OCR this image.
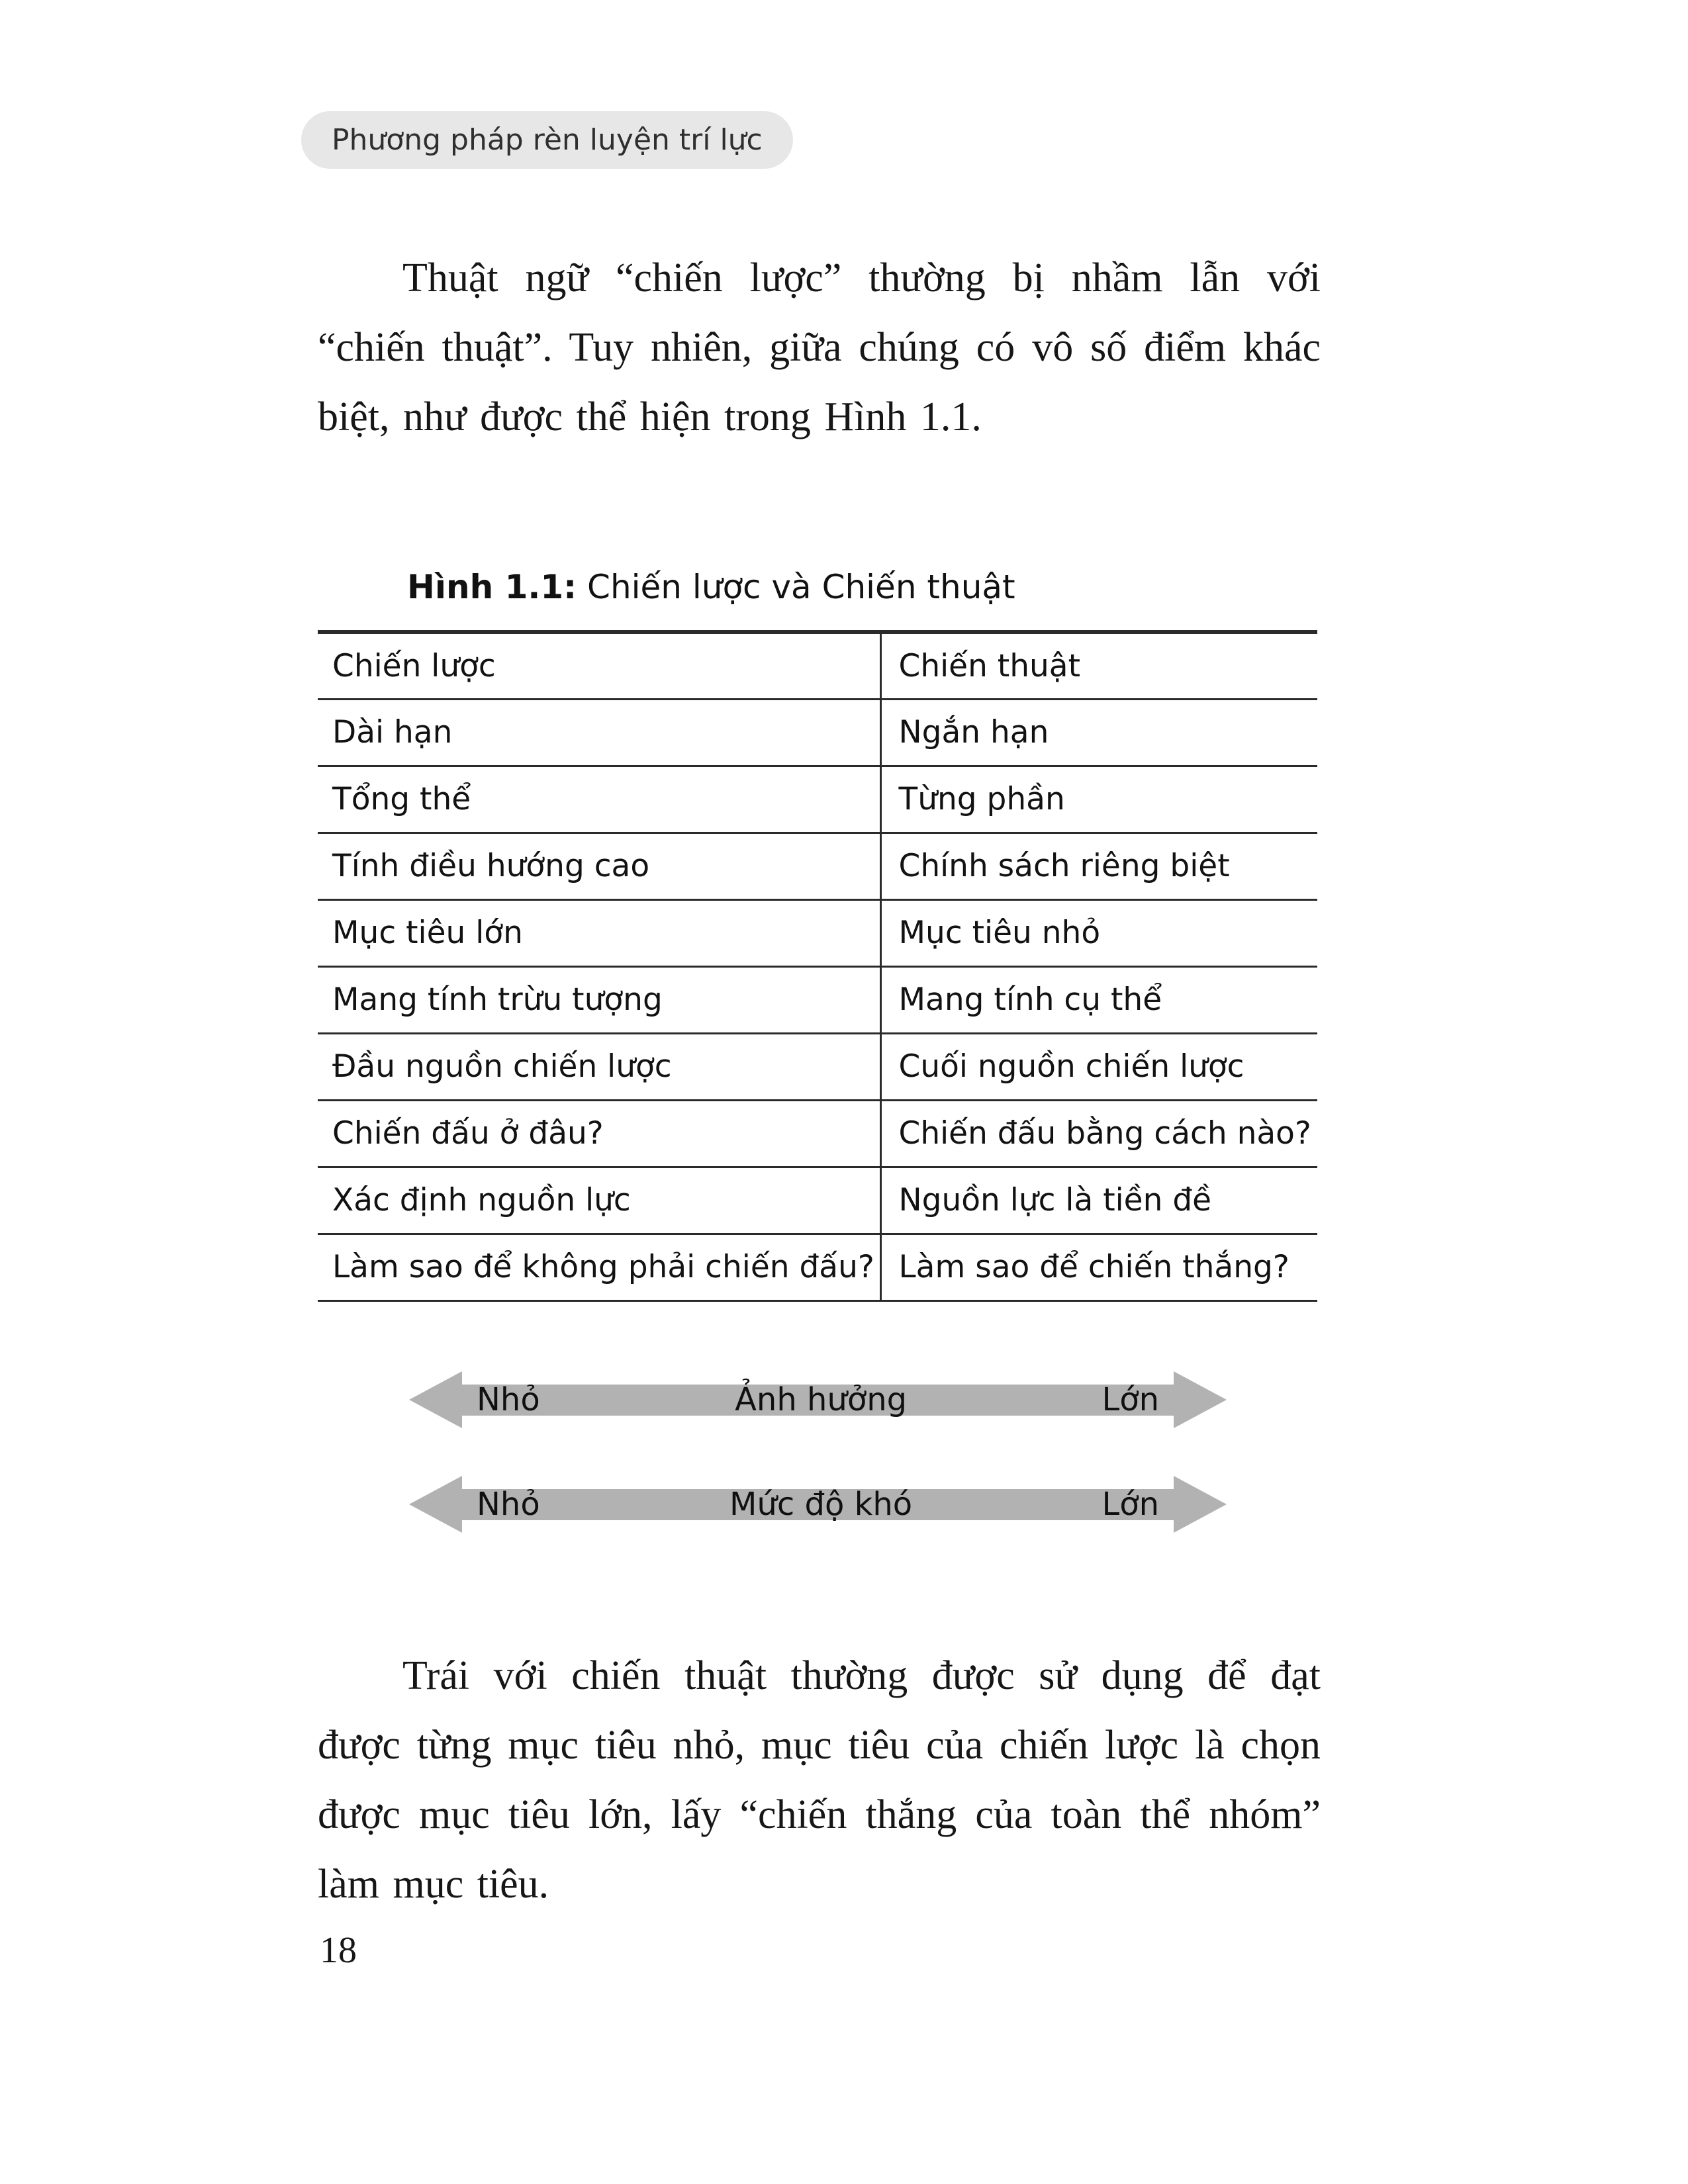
Phương pháp rèn luyện trí lực

Thuật ngữ “chiến lược” thường bị nhầm lẫn với “chiến thuật”. Tuy nhiên, giữa chúng có vô số điểm khác biệt, như được thể hiện trong Hình 1.1.

Hình 1.1: Chiến lược và Chiến thuật
Chiến lược	Chiến thuật
Dài hạn	Ngắn hạn
Tổng thể	Từng phần
Tính điều hướng cao	Chính sách riêng biệt
Mục tiêu lớn	Mục tiêu nhỏ
Mang tính trừu tượng	Mang tính cụ thể
Đầu nguồn chiến lược	Cuối nguồn chiến lược
Chiến đấu ở đâu?	Chiến đấu bằng cách nào?
Xác định nguồn lực	Nguồn lực là tiền đề
Làm sao để không phải chiến đấu?	Làm sao để chiến thắng?
Nhỏ	Ảnh hưởng	Lớn
Nhỏ	Mức độ khó	Lớn

Trái với chiến thuật thường được sử dụng để đạt được từng mục tiêu nhỏ, mục tiêu của chiến lược là chọn được mục tiêu lớn, lấy “chiến thắng của toàn thể nhóm” làm mục tiêu.

18
